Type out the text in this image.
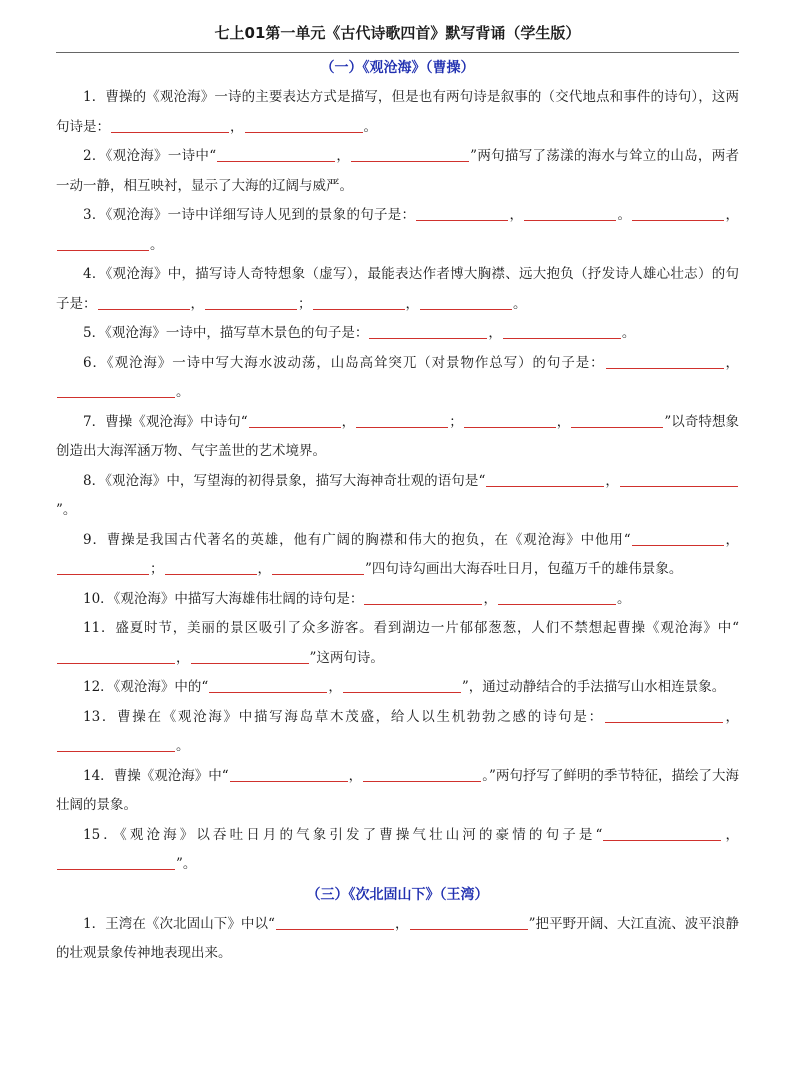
七上01第一单元《古代诗歌四首》默写背诵（学生版）
（一）《观沧海》（曹操）

1．曹操的《观沧海》一诗的主要表达方式是描写，但是也有两句诗是叙事的（交代地点和事件的诗句），这两句诗是：	，	。

2．《观沧海》一诗中“	，	”两句描写了荡漾的海水与耸立的山岛，两者一动一静，相互映衬，显示了大海的辽阔与威严。

3．《观沧海》一诗中详细写诗人见到的景象的句子是：	，	。	，。

4．《观沧海》中，描写诗人奇特想象（虚写），最能表达作者博大胸襟、远大抱负（抒发诗人雄心壮志）的句子是：	，	；	，	。

5．《观沧海》一诗中，描写草木景色的句子是：	，	。

6．《观沧海》一诗中写大海水波动荡，山岛高耸突兀（对景物作总写）的句子是：	，。

7．曹操《观沧海》中诗句“	，	；	，	”以奇特想象创造出大海浑涵万物、气宇盖世的艺术境界。

8．《观沧海》中，写望海的初得景象，描写大海神奇壮观的语句是“	，”。

9．曹操是我国古代著名的英雄，他有广阔的胸襟和伟大的抱负，在《观沧海》中他用“	，；	，	”四句诗勾画出大海吞吐日月，包蕴万千的雄伟景象。

10．《观沧海》中描写大海雄伟壮阔的诗句是：	，	。

11．盛夏时节，美丽的景区吸引了众多游客。看到湖边一片郁郁葱葱，人们不禁想起曹操《观沧海》中“，	”这两句诗。

12．《观沧海》中的“	，	”，通过动静结合的手法描写山水相连景象。

13．曹操在《观沧海》中描写海岛草木茂盛，给人以生机勃勃之感的诗句是：	，。

14．曹操《观沧海》中“	，	。”两句抒写了鲜明的季节特征，描绘了大海壮阔的景象。

15．《观沧海》以吞吐日月的气象引发了曹操气壮山河的豪情的句子是“	，”。

（三）《次北固山下》（王湾）

1．王湾在《次北固山下》中以“	，	”把平野开阔、大江直流、波平浪静的壮观景象传神地表现出来。
